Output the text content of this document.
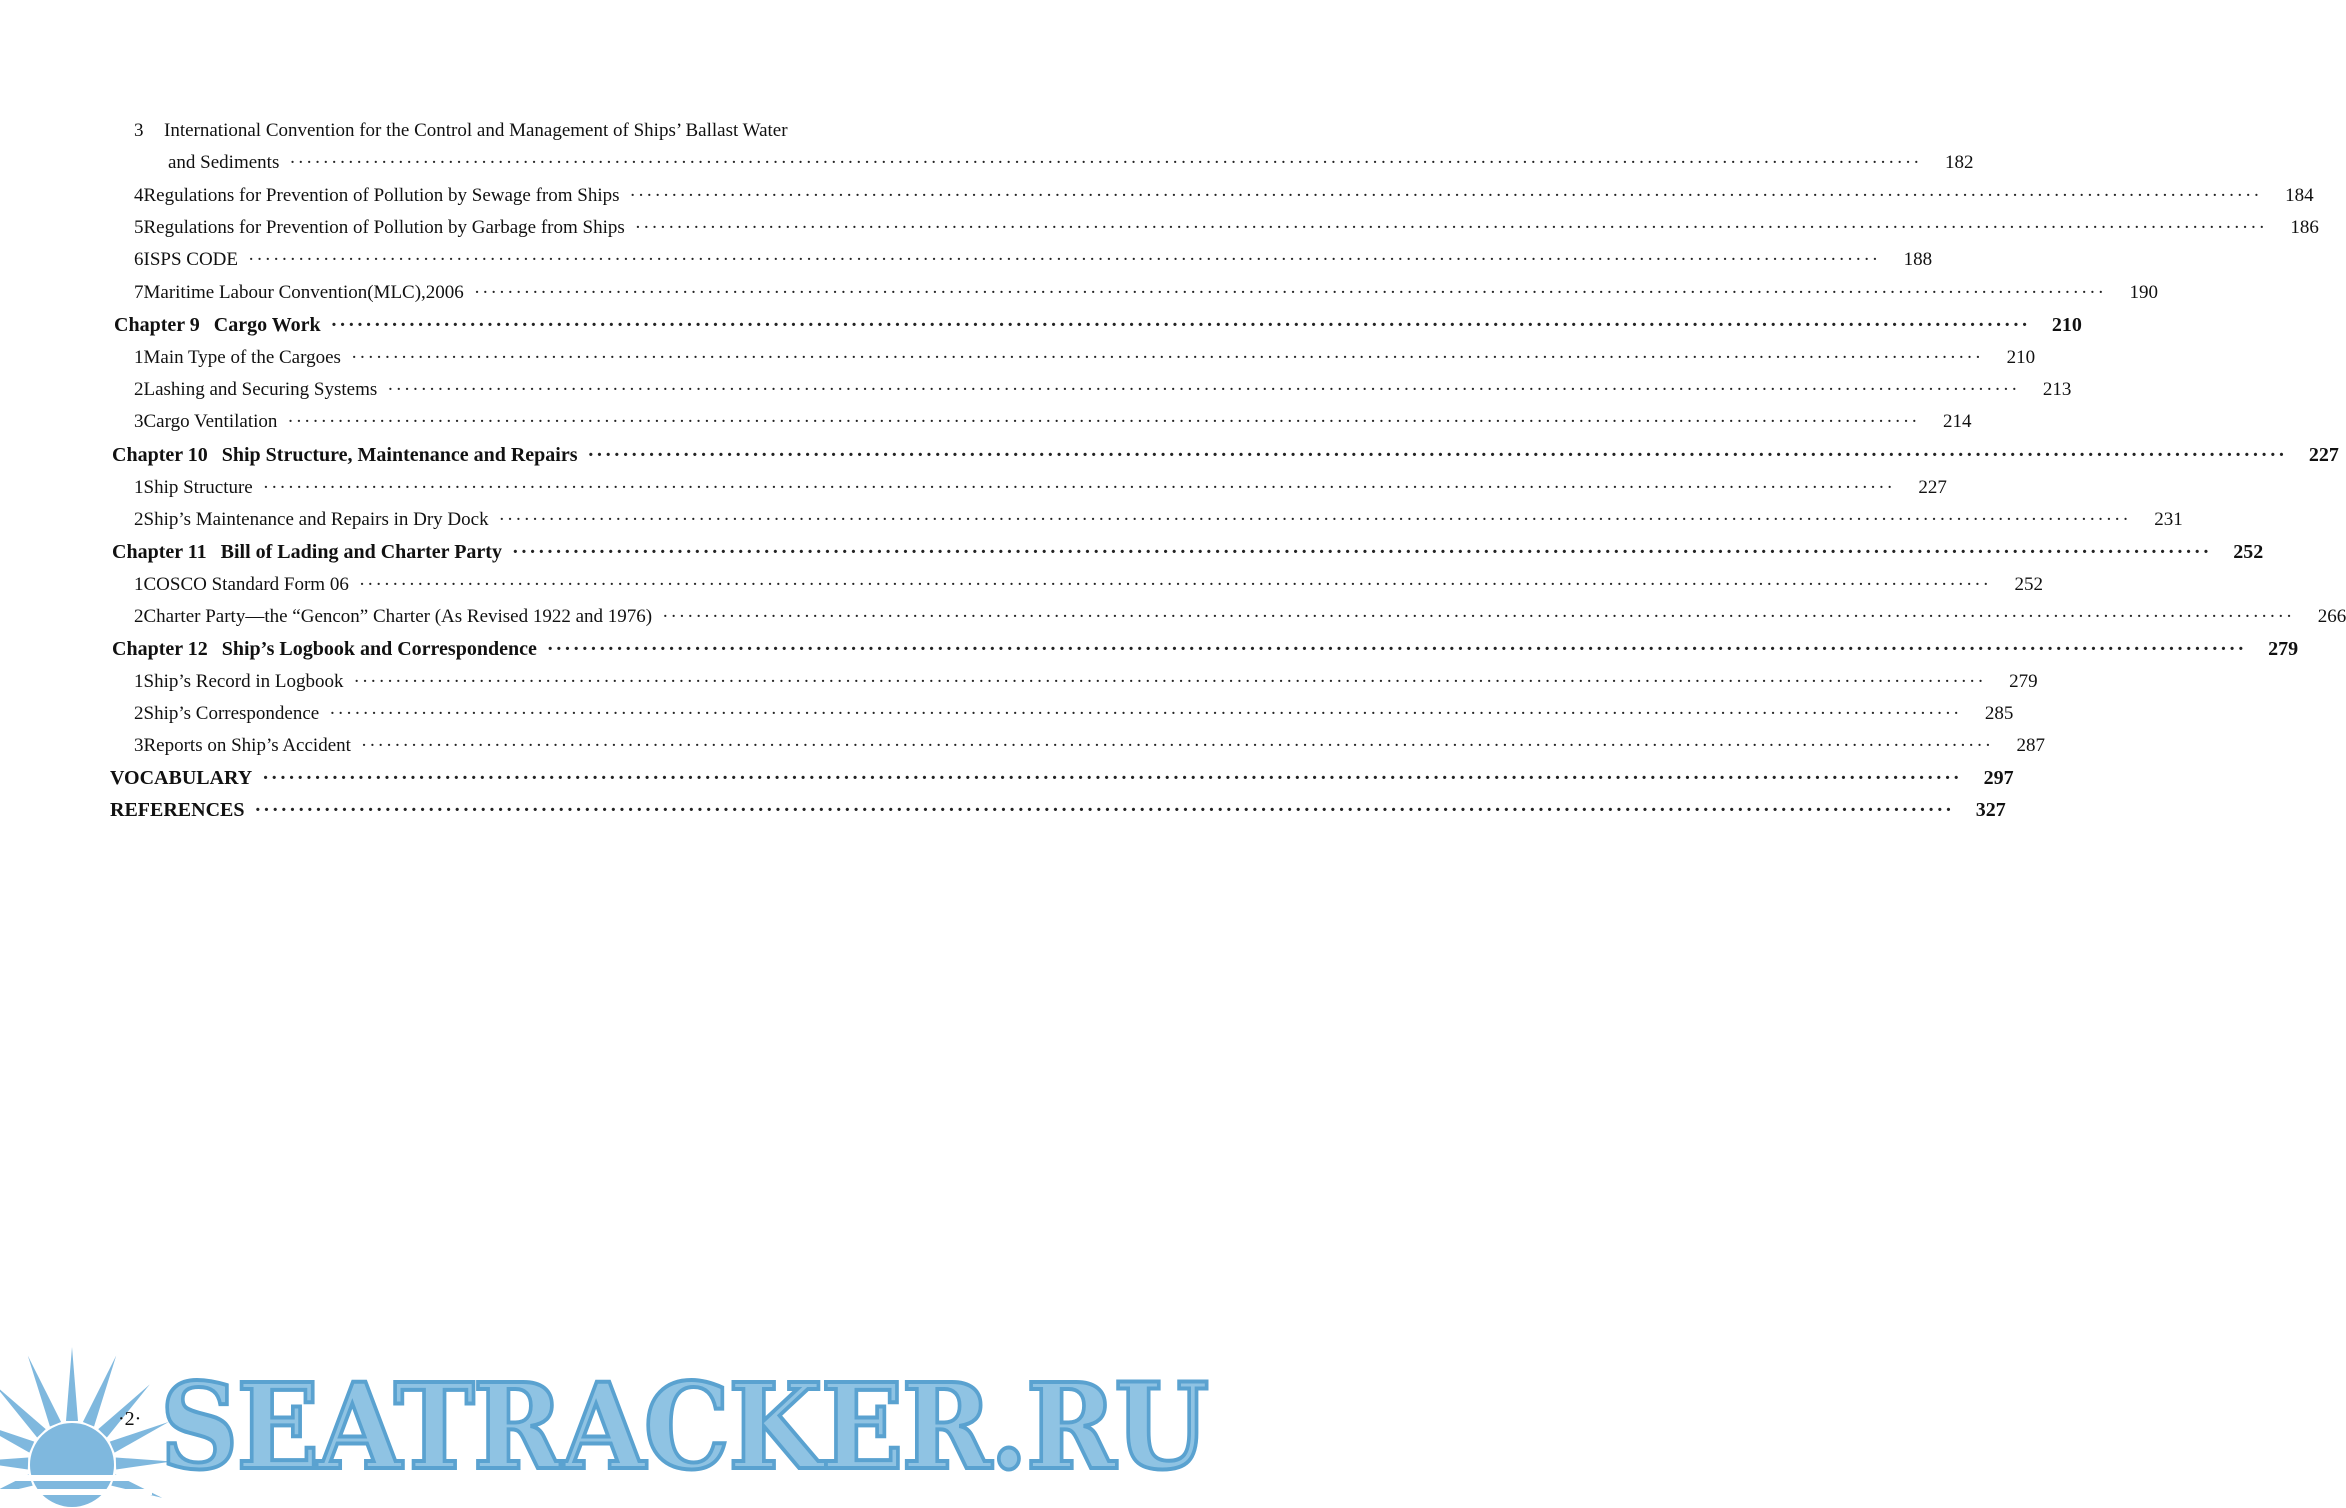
3	International Convention for the Control and Management of Ships’ Ballast Water
and Sediments ·····	182
4 Regulations for Prevention of Pollution by Sewage from Ships ·····	184
5 Regulations for Prevention of Pollution by Garbage from Ships ·····	186
6 ISPS CODE ·····	188
7 Maritime Labour Convention(MLC),2006 ·····	190
Chapter 9 Cargo Work ·····	210
1 Main Type of the Cargoes ·····	210
2 Lashing and Securing Systems ·····	213
3 Cargo Ventilation ·····	214
Chapter 10 Ship Structure, Maintenance and Repairs ·····	227
1 Ship Structure ·····	227
2 Ship’s Maintenance and Repairs in Dry Dock ·····	231
Chapter 11 Bill of Lading and Charter Party ·····	252
1 COSCO Standard Form 06 ·····	252
2 Charter Party—the “Gencon” Charter (As Revised 1922 and 1976) ·····	266
Chapter 12 Ship’s Logbook and Correspondence ·····	279
1 Ship’s Record in Logbook ·····	279
2 Ship’s Correspondence ·····	285
3 Reports on Ship’s Accident ·····	287
VOCABULARY ·····	297
REFERENCES ·····	327
·2· SEATRACKER.RU
